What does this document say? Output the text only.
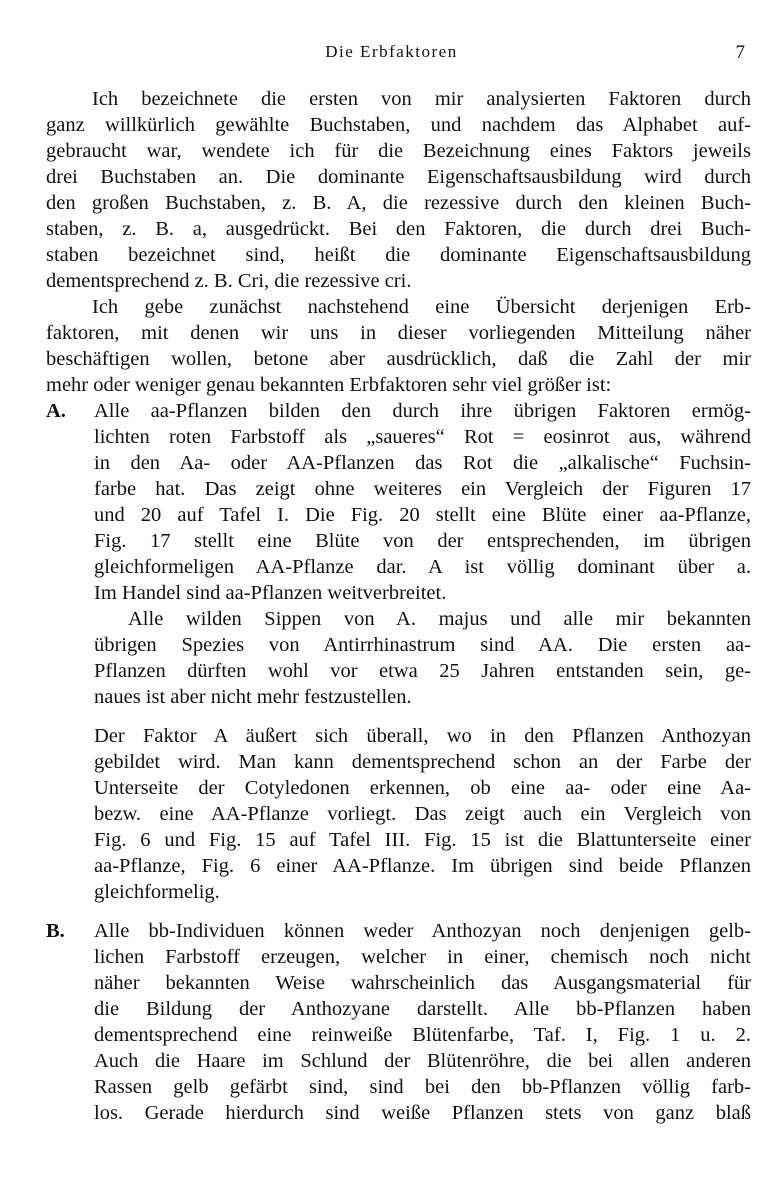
Die Erbfaktoren	7
Ich bezeichnete die ersten von mir analysierten Faktoren durch
ganz willkürlich gewählte Buchstaben, und nachdem das Alphabet auf-
gebraucht war, wendete ich für die Bezeichnung eines Faktors jeweils
drei Buchstaben an. Die dominante Eigenschaftsausbildung wird durch
den großen Buchstaben, z. B. A, die rezessive durch den kleinen Buch-
staben, z. B. a, ausgedrückt. Bei den Faktoren, die durch drei Buch-
staben bezeichnet sind, heißt die dominante Eigenschaftsausbildung
dementsprechend z. B. Cri, die rezessive cri.
Ich gebe zunächst nachstehend eine Übersicht derjenigen Erb-
faktoren, mit denen wir uns in dieser vorliegenden Mitteilung näher
beschäftigen wollen, betone aber ausdrücklich, daß die Zahl der mir
mehr oder weniger genau bekannten Erbfaktoren sehr viel größer ist:
A.	Alle aa-Pflanzen bilden den durch ihre übrigen Faktoren ermög-
lichten roten Farbstoff als „saueres“ Rot = eosinrot aus, während
in den Aa- oder AA-Pflanzen das Rot die „alkalische“ Fuchsin-
farbe hat. Das zeigt ohne weiteres ein Vergleich der Figuren 17
und 20 auf Tafel I. Die Fig. 20 stellt eine Blüte einer aa-Pflanze,
Fig. 17 stellt eine Blüte von der entsprechenden, im übrigen
gleichformeligen AA-Pflanze dar. A ist völlig dominant über a.
Im Handel sind aa-Pflanzen weitverbreitet.
Alle wilden Sippen von A. majus und alle mir bekannten
übrigen Spezies von Antirrhinastrum sind AA. Die ersten aa-
Pflanzen dürften wohl vor etwa 25 Jahren entstanden sein, ge-
naues ist aber nicht mehr festzustellen.
Der Faktor A äußert sich überall, wo in den Pflanzen Anthozyan
gebildet wird. Man kann dementsprechend schon an der Farbe der
Unterseite der Cotyledonen erkennen, ob eine aa- oder eine Aa-
bezw. eine AA-Pflanze vorliegt. Das zeigt auch ein Vergleich von
Fig. 6 und Fig. 15 auf Tafel III. Fig. 15 ist die Blattunterseite einer
aa-Pflanze, Fig. 6 einer AA-Pflanze. Im übrigen sind beide Pflanzen
gleichformelig.
B.	Alle bb-Individuen können weder Anthozyan noch denjenigen gelb-
lichen Farbstoff erzeugen, welcher in einer, chemisch noch nicht
näher bekannten Weise wahrscheinlich das Ausgangsmaterial für
die Bildung der Anthozyane darstellt. Alle bb-Pflanzen haben
dementsprechend eine reinweiße Blütenfarbe, Taf. I, Fig. 1 u. 2.
Auch die Haare im Schlund der Blütenröhre, die bei allen anderen
Rassen gelb gefärbt sind, sind bei den bb-Pflanzen völlig farb-
los. Gerade hierdurch sind weiße Pflanzen stets von ganz blaß
